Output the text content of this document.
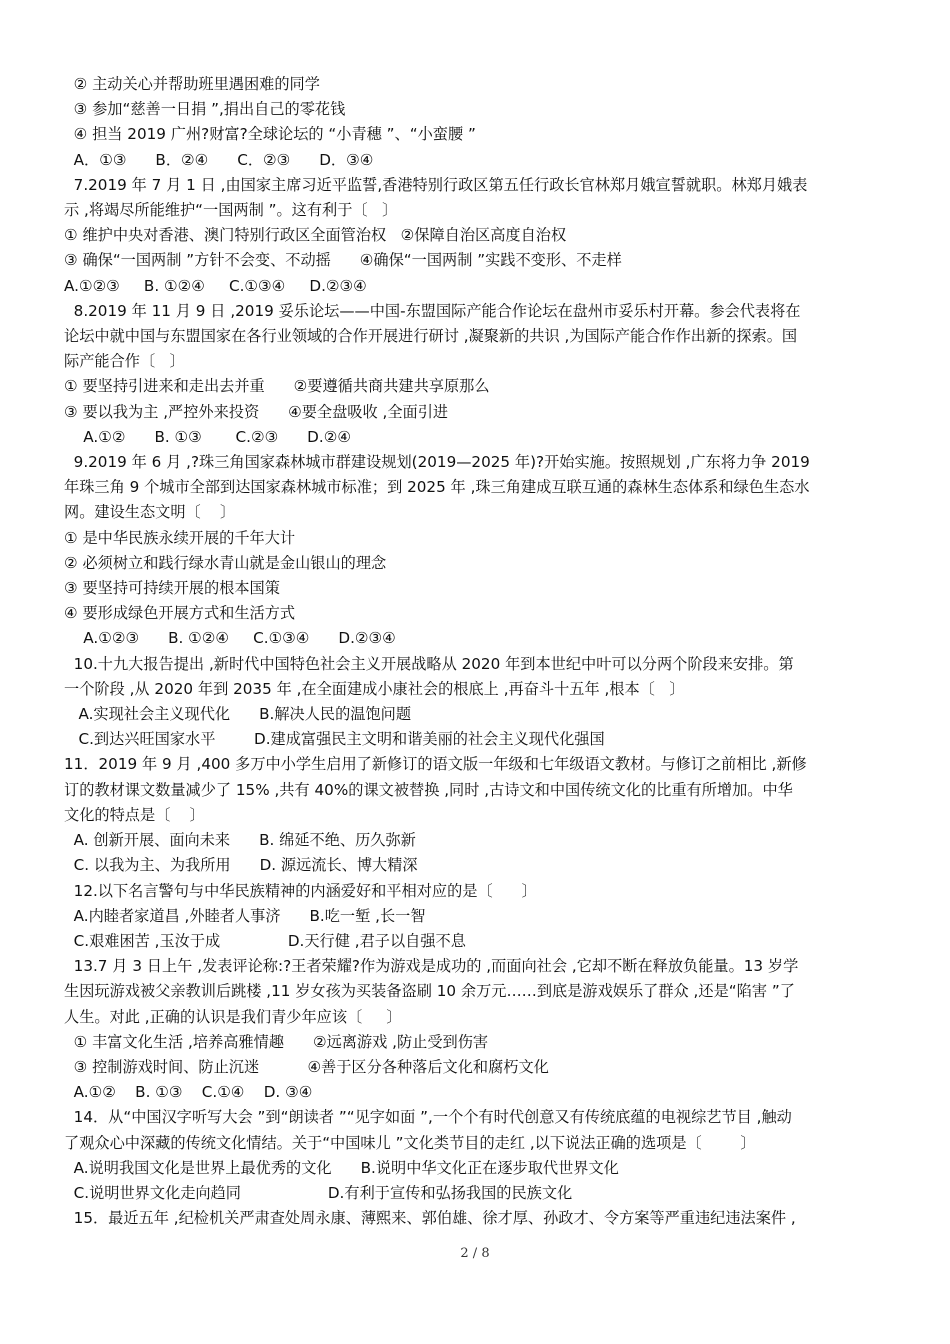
② 主动关心并帮助班里遇困难的同学
③ 参加“慈善一日捐 ”,捐出自己的零花钱
④ 担当 2019 广州?财富?全球论坛的 “小青穗 ”、“小蛮腰 ”
A．①③      B．②④      C．②③      D．③④
7.2019 年 7 月 1 日 ,由国家主席习近平监誓,香港特别行政区第五任行政长官林郑月娥宣誓就职。林郑月娥表
示 ,将竭尽所能维护“一国两制 ”。这有利于〔   〕
① 维护中央对香港、澳门特别行政区全面管治权   ②保障自治区高度自治权
③ 确保“一国两制 ”方针不会变、不动摇      ④确保“一国两制 ”实践不变形、不走样
A.①②③     B. ①②④     C.①③④     D.②③④
8.2019 年 11 月 9 日 ,2019 妥乐论坛——中国-东盟国际产能合作论坛在盘州市妥乐村开幕。参会代表将在
论坛中就中国与东盟国家在各行业领域的合作开展进行研讨 ,凝聚新的共识 ,为国际产能合作作出新的探索。国
际产能合作〔   〕
① 要坚持引进来和走出去并重      ②要遵循共商共建共享原那么
③ 要以我为主 ,严控外来投资      ④要全盘吸收 ,全面引进
A.①②      B. ①③       C.②③      D.②④
9.2019 年 6 月 ,?珠三角国家森林城市群建设规划(2019—2025 年)?开始实施。按照规划 ,广东将力争 2019
年珠三角 9 个城市全部到达国家森林城市标准；到 2025 年 ,珠三角建成互联互通的森林生态体系和绿色生态水
网。建设生态文明〔    〕
① 是中华民族永续开展的千年大计
② 必须树立和践行绿水青山就是金山银山的理念
③ 要坚持可持续开展的根本国策
④ 要形成绿色开展方式和生活方式
A.①②③      B. ①②④     C.①③④      D.②③④
10.十九大报告提出 ,新时代中国特色社会主义开展战略从 2020 年到本世纪中叶可以分两个阶段来安排。第
一个阶段 ,从 2020 年到 2035 年 ,在全面建成小康社会的根底上 ,再奋斗十五年 ,根本〔   〕
A.实现社会主义现代化      B.解决人民的温饱问题
C.到达兴旺国家水平        D.建成富强民主文明和谐美丽的社会主义现代化强国
11．2019 年 9 月 ,400 多万中小学生启用了新修订的语文版一年级和七年级语文教材。与修订之前相比 ,新修
订的教材课文数量减少了 15% ,共有 40%的课文被替换 ,同时 ,古诗文和中国传统文化的比重有所增加。中华
文化的特点是〔    〕
A. 创新开展、面向未来      B. 绵延不绝、历久弥新
C. 以我为主、为我所用      D. 源远流长、博大精深
12.以下名言警句与中华民族精神的内涵爱好和平相对应的是〔      〕
A.内睦者家道昌 ,外睦者人事济      B.吃一堑 ,长一智
C.艰难困苦 ,玉汝于成              D.天行健 ,君子以自强不息
13.7 月 3 日上午 ,发表评论称:?王者荣耀?作为游戏是成功的 ,而面向社会 ,它却不断在释放负能量。13 岁学
生因玩游戏被父亲教训后跳楼 ,11 岁女孩为买装备盗刷 10 余万元……到底是游戏娱乐了群众 ,还是“陷害 ”了
人生。对此 ,正确的认识是我们青少年应该〔     〕
① 丰富文化生活 ,培养高雅情趣      ②远离游戏 ,防止受到伤害
③ 控制游戏时间、防止沉迷          ④善于区分各种落后文化和腐朽文化
A.①②    B. ①③    C.①④    D. ③④
14．从“中国汉字听写大会 ”到“朗读者 ”“见字如面 ”,一个个有时代创意又有传统底蕴的电视综艺节目 ,触动
了观众心中深藏的传统文化情结。关于“中国味儿 ”文化类节目的走红 ,以下说法正确的选项是〔        〕
A.说明我国文化是世界上最优秀的文化      B.说明中华文化正在逐步取代世界文化
C.说明世界文化走向趋同                  D.有利于宣传和弘扬我国的民族文化
15．最近五年 ,纪检机关严肃查处周永康、薄熙来、郭伯雄、徐才厚、孙政才、令方案等严重违纪违法案件 ,
2 / 8
